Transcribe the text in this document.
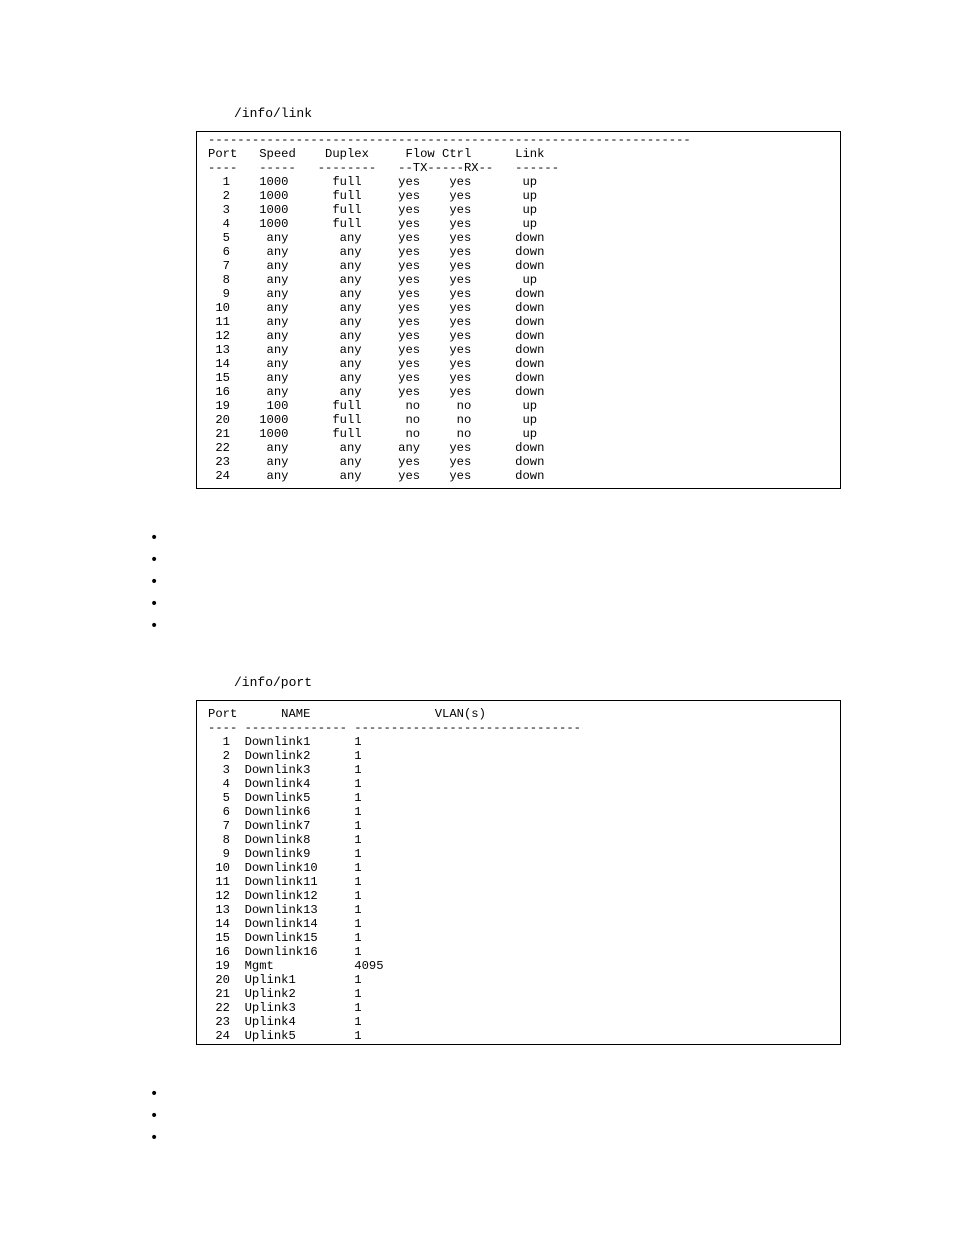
/info/link
------------------------------------------------------------------
Port   Speed    Duplex     Flow Ctrl      Link
----   -----   --------   --TX-----RX--   ------
1    1000      full     yes    yes       up
2    1000      full     yes    yes       up
3    1000      full     yes    yes       up
4    1000      full     yes    yes       up
5     any       any     yes    yes      down
6     any       any     yes    yes      down
7     any       any     yes    yes      down
8     any       any     yes    yes       up
9     any       any     yes    yes      down
10     any       any     yes    yes      down
11     any       any     yes    yes      down
12     any       any     yes    yes      down
13     any       any     yes    yes      down
14     any       any     yes    yes      down
15     any       any     yes    yes      down
16     any       any     yes    yes      down
19     100      full      no     no       up
20    1000      full      no     no       up
21    1000      full      no     no       up
22     any       any     any    yes      down
23     any       any     yes    yes      down
24     any       any     yes    yes      down
•
•
•
•
•
/info/port
Port      NAME                 VLAN(s)
---- -------------- -------------------------------
1  Downlink1      1
2  Downlink2      1
3  Downlink3      1
4  Downlink4      1
5  Downlink5      1
6  Downlink6      1
7  Downlink7      1
8  Downlink8      1
9  Downlink9      1
10  Downlink10     1
11  Downlink11     1
12  Downlink12     1
13  Downlink13     1
14  Downlink14     1
15  Downlink15     1
16  Downlink16     1
19  Mgmt           4095
20  Uplink1        1
21  Uplink2        1
22  Uplink3        1
23  Uplink4        1
24  Uplink5        1
•
•
•
